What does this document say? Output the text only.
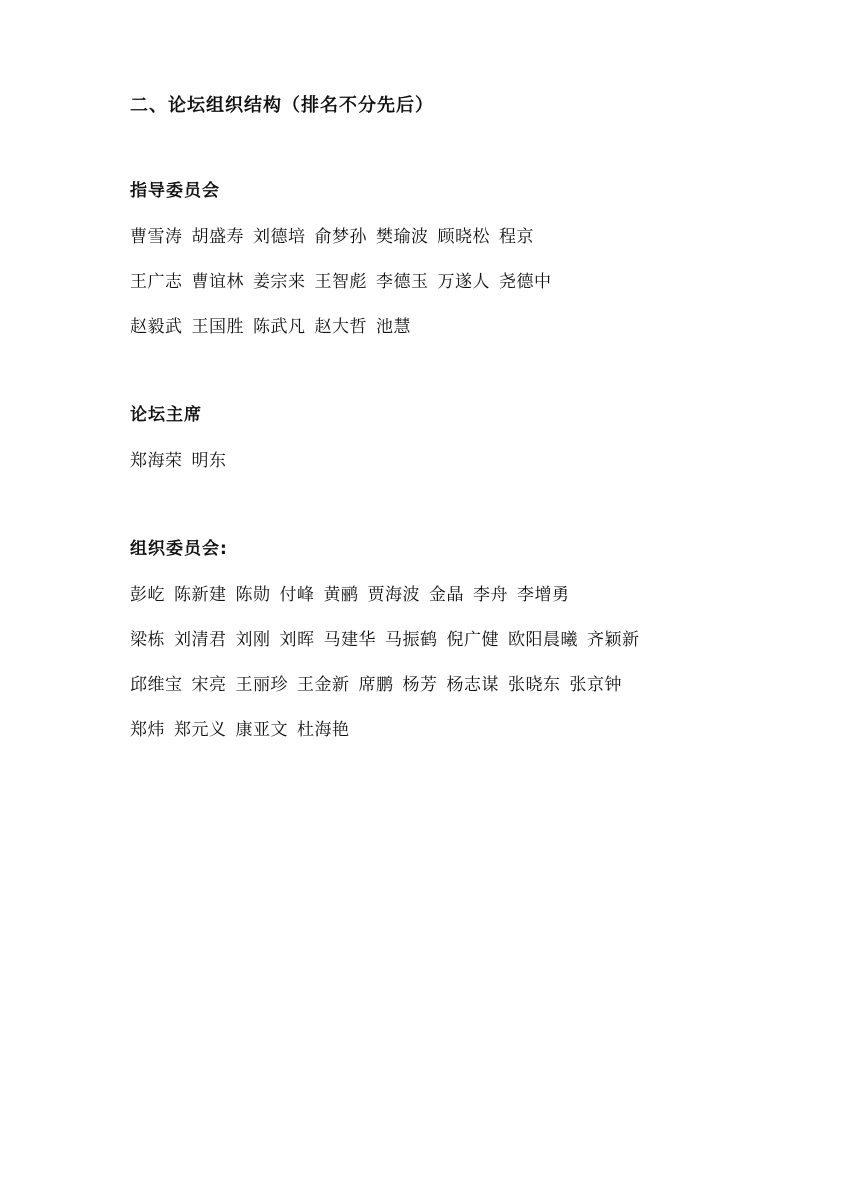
二、论坛组织结构（排名不分先后）
指导委员会
曹雪涛 胡盛寿 刘德培 俞梦孙 樊瑜波 顾晓松 程京
王广志 曹谊林 姜宗来 王智彪 李德玉 万遂人 尧德中
赵毅武 王国胜 陈武凡 赵大哲 池慧
论坛主席
郑海荣 明东
组织委员会:
彭屹 陈新建 陈勋 付峰 黄鹂 贾海波 金晶 李舟 李增勇
梁栋 刘清君 刘刚 刘晖 马建华 马振鹤 倪广健 欧阳晨曦 齐颖新
邱维宝 宋亮 王丽珍 王金新 席鹏 杨芳 杨志谋 张晓东 张京钟
郑炜 郑元义 康亚文 杜海艳
